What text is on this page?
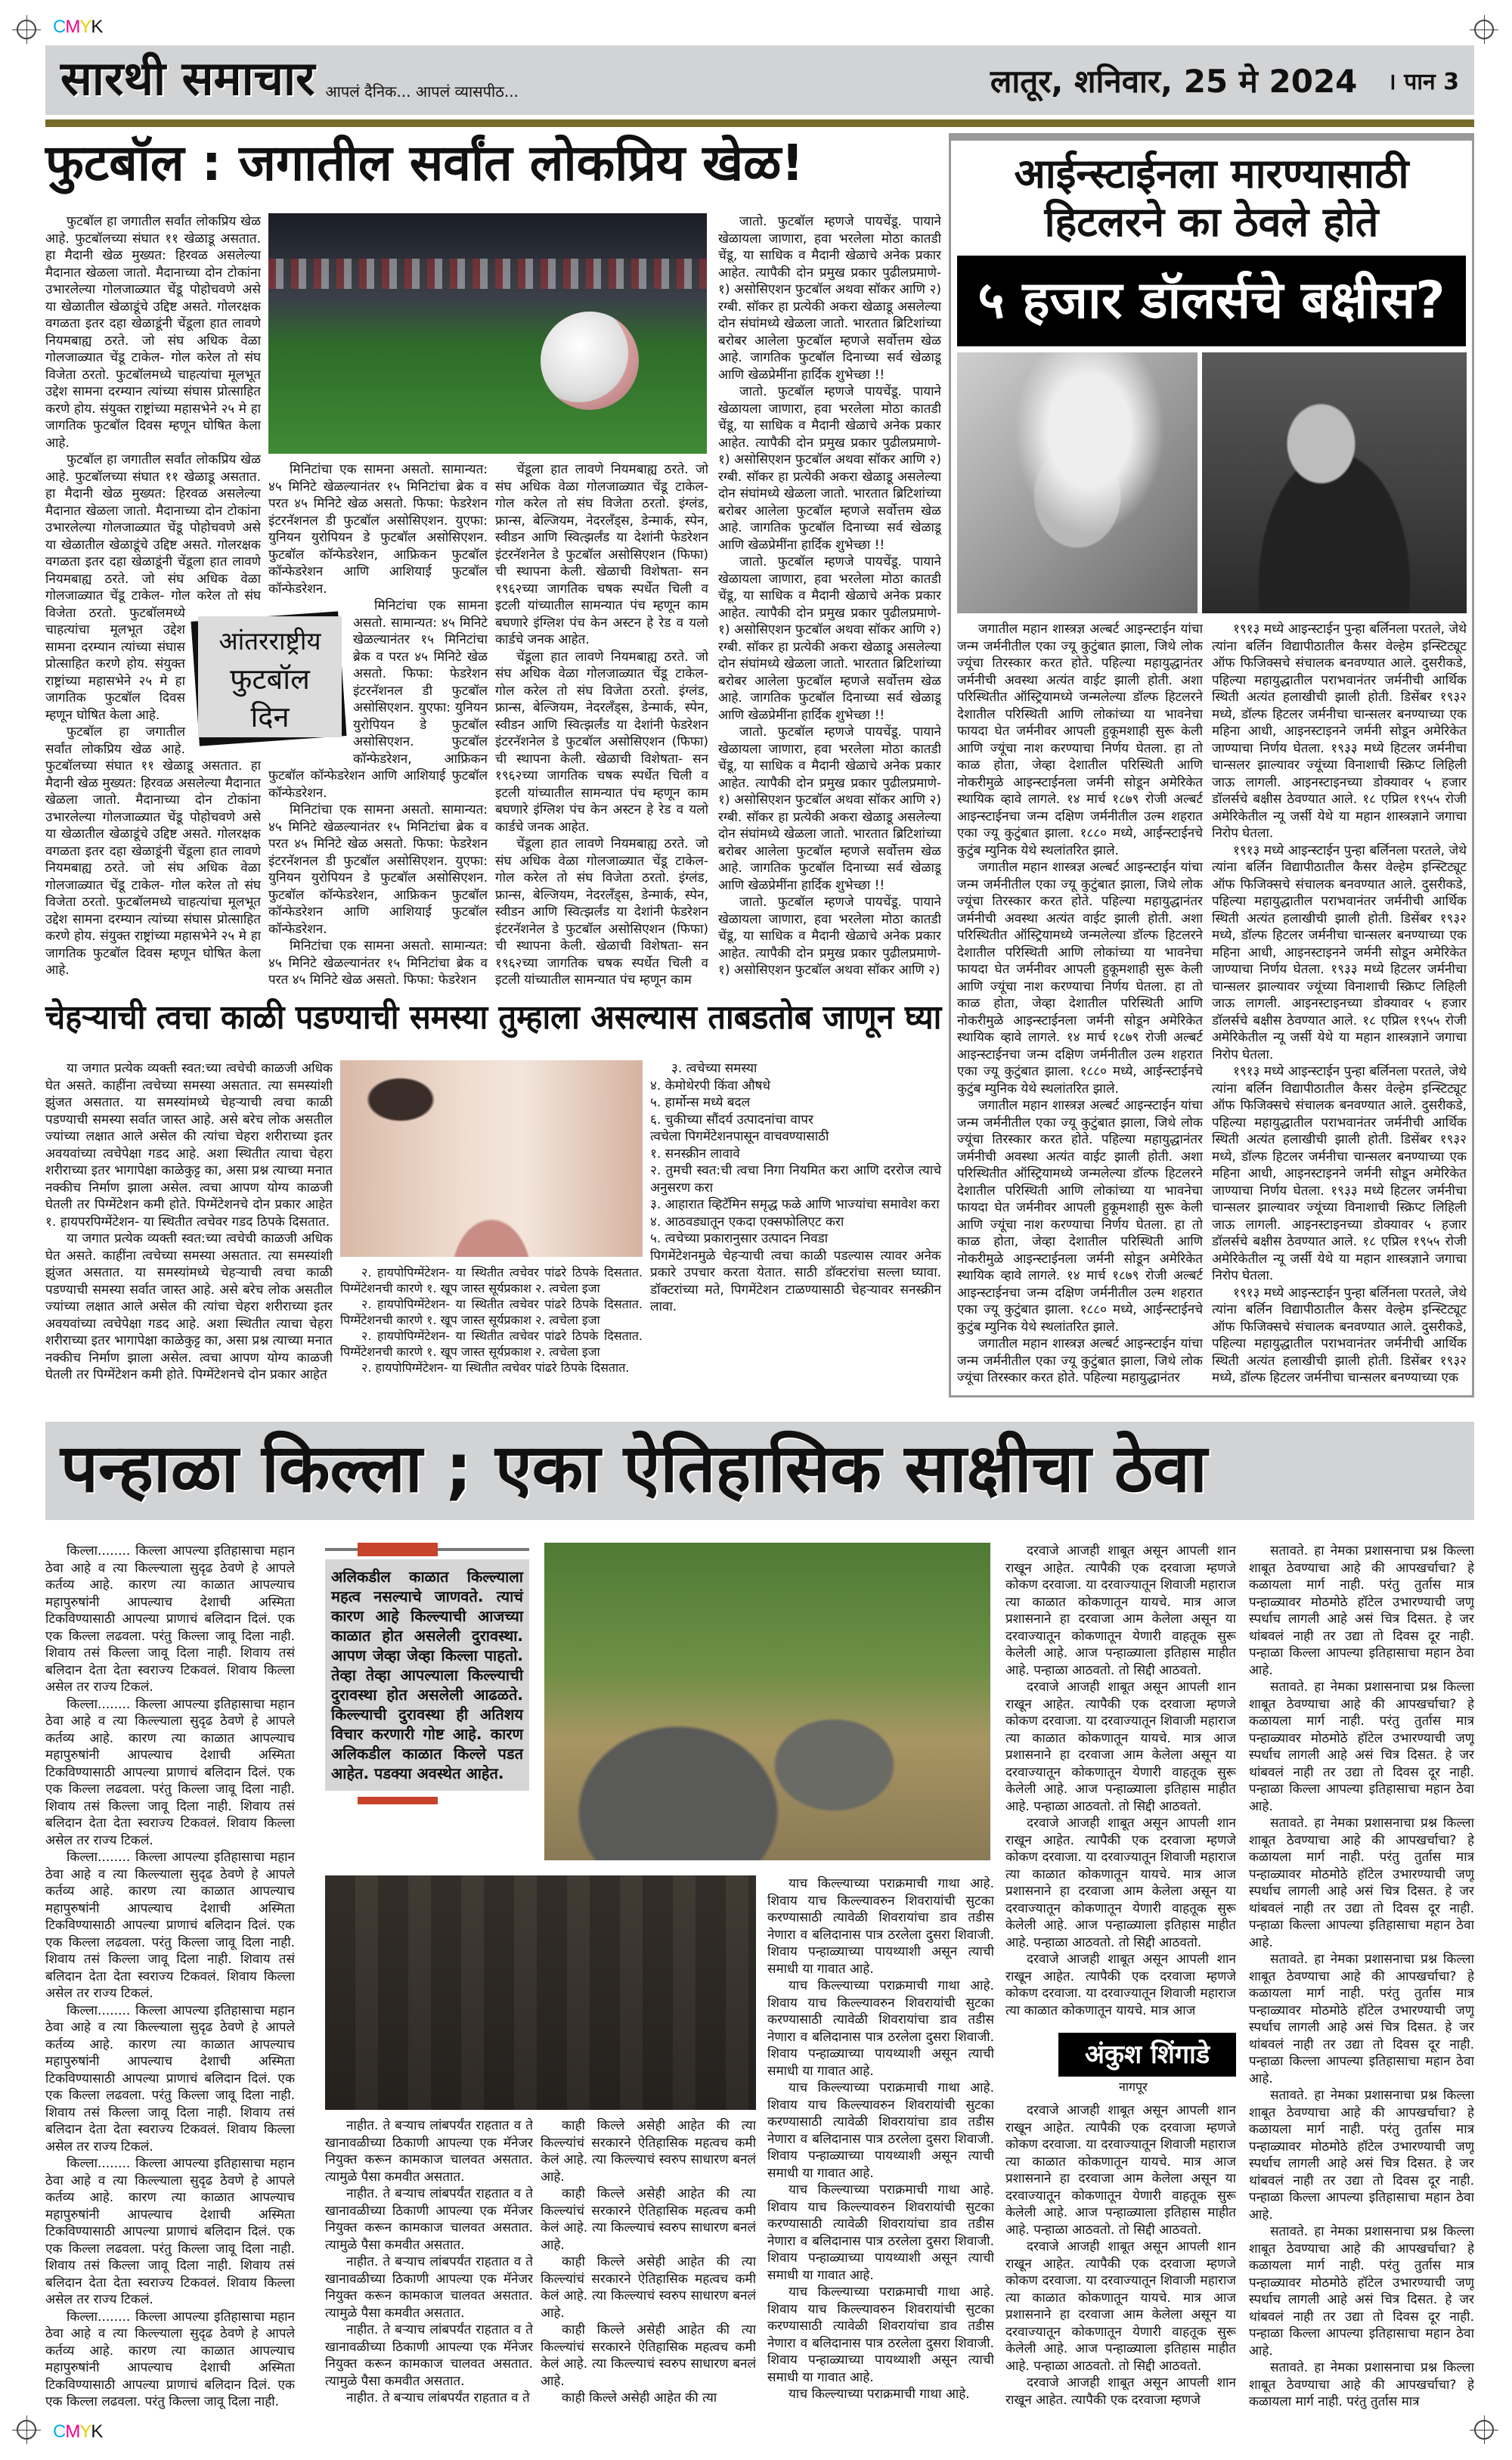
CMYK
सारथी समाचार आपलं दैनिक... आपलं व्यासपीठ...	लातूर, शनिवार, 25 मे 2024 । पान 3
फुटबॉल : जगातील सर्वांत लोकप्रिय खेळ!

फुटबॉल हा जगातील सर्वांत लोकप्रिय खेळ आहे. फुटबॉलच्या संघात ११ खेळाडू असतात. हा मैदानी खेळ मुख्यत: हिरवळ असलेल्या मैदानात खेळला जातो. मैदानाच्या दोन टोकांना उभारलेल्या गोलजाळ्यात चेंडू पोहोचवणे असे या खेळातील खेळाडूंचे उद्दिष्ट असते. गोलरक्षक वगळता इतर दहा खेळाडूंनी चेंडूला हात लावणे नियमबाह्य ठरते. जो संघ अधिक वेळा गोलजाळ्यात चेंडू टाकेल- गोल करेल तो संघ विजेता ठरतो. फुटबॉलमध्ये चाहत्यांचा मूलभूत उद्देश सामना दरम्यान त्यांच्या संघास प्रोत्साहित करणे होय. संयुक्त राष्ट्रांच्या महासभेने २५ मे हा जागतिक फुटबॉल दिवस म्हणून घोषित केला आहे.

फुटबॉल हा जगातील सर्वांत लोकप्रिय खेळ आहे. फुटबॉलच्या संघात ११ खेळाडू असतात. हा मैदानी खेळ मुख्यत: हिरवळ असलेल्या मैदानात खेळला जातो. मैदानाच्या दोन टोकांना उभारलेल्या गोलजाळ्यात चेंडू पोहोचवणे असे या खेळातील खेळाडूंचे उद्दिष्ट असते. गोलरक्षक वगळता इतर दहा खेळाडूंनी चेंडूला हात लावणे नियमबाह्य ठरते. जो संघ अधिक वेळा गोलजाळ्यात चेंडू टाकेल- गोल करेल तो संघ विजेता ठरतो. फुटबॉलमध्ये चाहत्यांचा मूलभूत उद्देश सामना दरम्यान त्यांच्या संघास प्रोत्साहित करणे होय. संयुक्त राष्ट्रांच्या महासभेने २५ मे हा जागतिक फुटबॉल दिवस म्हणून घोषित केला आहे.

फुटबॉल हा जगातील सर्वांत लोकप्रिय खेळ आहे. फुटबॉलच्या संघात ११ खेळाडू असतात. हा मैदानी खेळ मुख्यत: हिरवळ असलेल्या मैदानात खेळला जातो. मैदानाच्या दोन टोकांना उभारलेल्या गोलजाळ्यात चेंडू पोहोचवणे असे या खेळातील खेळाडूंचे उद्दिष्ट असते. गोलरक्षक वगळता इतर दहा खेळाडूंनी चेंडूला हात लावणे नियमबाह्य ठरते. जो संघ अधिक वेळा गोलजाळ्यात चेंडू टाकेल- गोल करेल तो संघ विजेता ठरतो. फुटबॉलमध्ये चाहत्यांचा मूलभूत उद्देश सामना दरम्यान त्यांच्या संघास प्रोत्साहित करणे होय. संयुक्त राष्ट्रांच्या महासभेने २५ मे हा जागतिक फुटबॉल दिवस म्हणून घोषित केला आहे.

मिनिटांचा एक सामना असतो. सामान्यत: ४५ मिनिटे खेळल्यानंतर १५ मिनिटांचा ब्रेक व परत ४५ मिनिटे खेळ असतो. फिफा: फेडरेशन इंटरनॅशनल डी फुटबॉल असोसिएशन. युएफा: युनियन युरोपियन डे फुटबॉल असोसिएशन. फुटबॉल कॉन्फेडरेशन, आफ्रिकन फुटबॉल कॉन्फेडरेशन आणि आशियाई फुटबॉल कॉन्फेडरेशन.

मिनिटांचा एक सामना असतो. सामान्यत: ४५ मिनिटे खेळल्यानंतर १५ मिनिटांचा ब्रेक व परत ४५ मिनिटे खेळ असतो. फिफा: फेडरेशन इंटरनॅशनल डी फुटबॉल असोसिएशन. युएफा: युनियन युरोपियन डे फुटबॉल असोसिएशन. फुटबॉल कॉन्फेडरेशन, आफ्रिकन फुटबॉल कॉन्फेडरेशन आणि आशियाई फुटबॉल कॉन्फेडरेशन.

मिनिटांचा एक सामना असतो. सामान्यत: ४५ मिनिटे खेळल्यानंतर १५ मिनिटांचा ब्रेक व परत ४५ मिनिटे खेळ असतो. फिफा: फेडरेशन इंटरनॅशनल डी फुटबॉल असोसिएशन. युएफा: युनियन युरोपियन डे फुटबॉल असोसिएशन. फुटबॉल कॉन्फेडरेशन, आफ्रिकन फुटबॉल कॉन्फेडरेशन आणि आशियाई फुटबॉल कॉन्फेडरेशन.

मिनिटांचा एक सामना असतो. सामान्यत: ४५ मिनिटे खेळल्यानंतर १५ मिनिटांचा ब्रेक व परत ४५ मिनिटे खेळ असतो. फिफा: फेडरेशन

चेंडूला हात लावणे नियमबाह्य ठरते. जो संघ अधिक वेळा गोलजाळ्यात चेंडू टाकेल- गोल करेल तो संघ विजेता ठरतो. इंग्लंड, फ्रान्स, बेल्जियम, नेदरलँड्स, डेन्मार्क, स्पेन, स्वीडन आणि स्वित्झर्लंड या देशांनी फेडरेशन इंटरनॅशनेल डे फुटबॉल असोसिएशन (फिफा) ची स्थापना केली. खेळाची विशेषता- सन १९६२च्या जागतिक चषक स्पर्धेत चिली व इटली यांच्यातील सामन्यात पंच म्हणून काम बघणारे इंग्लिश पंच केन अस्टन हे रेड व यलो कार्डचे जनक आहेत.

चेंडूला हात लावणे नियमबाह्य ठरते. जो संघ अधिक वेळा गोलजाळ्यात चेंडू टाकेल- गोल करेल तो संघ विजेता ठरतो. इंग्लंड, फ्रान्स, बेल्जियम, नेदरलँड्स, डेन्मार्क, स्पेन, स्वीडन आणि स्वित्झर्लंड या देशांनी फेडरेशन इंटरनॅशनेल डे फुटबॉल असोसिएशन (फिफा) ची स्थापना केली. खेळाची विशेषता- सन १९६२च्या जागतिक चषक स्पर्धेत चिली व इटली यांच्यातील सामन्यात पंच म्हणून काम बघणारे इंग्लिश पंच केन अस्टन हे रेड व यलो कार्डचे जनक आहेत.

चेंडूला हात लावणे नियमबाह्य ठरते. जो संघ अधिक वेळा गोलजाळ्यात चेंडू टाकेल- गोल करेल तो संघ विजेता ठरतो. इंग्लंड, फ्रान्स, बेल्जियम, नेदरलँड्स, डेन्मार्क, स्पेन, स्वीडन आणि स्वित्झर्लंड या देशांनी फेडरेशन इंटरनॅशनेल डे फुटबॉल असोसिएशन (फिफा) ची स्थापना केली. खेळाची विशेषता- सन १९६२च्या जागतिक चषक स्पर्धेत चिली व इटली यांच्यातील सामन्यात पंच म्हणून काम

जातो. फुटबॉल म्हणजे पायचेंडू. पायाने खेळायला जाणारा, हवा भरलेला मोठा कातडी चेंडू, या साधिक व मैदानी खेळाचे अनेक प्रकार आहेत. त्यापैकी दोन प्रमुख प्रकार पुढीलप्रमाणे- १) असोसिएशन फुटबॉल अथवा सॉकर आणि २) रग्बी. सॉकर हा प्रत्येकी अकरा खेळाडू असलेल्या दोन संघांमध्ये खेळला जातो. भारतात ब्रिटिशांच्या बरोबर आलेला फुटबॉल म्हणजे सर्वोत्तम खेळ आहे. जागतिक फुटबॉल दिनाच्या सर्व खेळाडू आणि खेळप्रेमींना हार्दिक शुभेच्छा !!

जातो. फुटबॉल म्हणजे पायचेंडू. पायाने खेळायला जाणारा, हवा भरलेला मोठा कातडी चेंडू, या साधिक व मैदानी खेळाचे अनेक प्रकार आहेत. त्यापैकी दोन प्रमुख प्रकार पुढीलप्रमाणे- १) असोसिएशन फुटबॉल अथवा सॉकर आणि २) रग्बी. सॉकर हा प्रत्येकी अकरा खेळाडू असलेल्या दोन संघांमध्ये खेळला जातो. भारतात ब्रिटिशांच्या बरोबर आलेला फुटबॉल म्हणजे सर्वोत्तम खेळ आहे. जागतिक फुटबॉल दिनाच्या सर्व खेळाडू आणि खेळप्रेमींना हार्दिक शुभेच्छा !!

जातो. फुटबॉल म्हणजे पायचेंडू. पायाने खेळायला जाणारा, हवा भरलेला मोठा कातडी चेंडू, या साधिक व मैदानी खेळाचे अनेक प्रकार आहेत. त्यापैकी दोन प्रमुख प्रकार पुढीलप्रमाणे- १) असोसिएशन फुटबॉल अथवा सॉकर आणि २) रग्बी. सॉकर हा प्रत्येकी अकरा खेळाडू असलेल्या दोन संघांमध्ये खेळला जातो. भारतात ब्रिटिशांच्या बरोबर आलेला फुटबॉल म्हणजे सर्वोत्तम खेळ आहे. जागतिक फुटबॉल दिनाच्या सर्व खेळाडू आणि खेळप्रेमींना हार्दिक शुभेच्छा !!

जातो. फुटबॉल म्हणजे पायचेंडू. पायाने खेळायला जाणारा, हवा भरलेला मोठा कातडी चेंडू, या साधिक व मैदानी खेळाचे अनेक प्रकार आहेत. त्यापैकी दोन प्रमुख प्रकार पुढीलप्रमाणे- १) असोसिएशन फुटबॉल अथवा सॉकर आणि २) रग्बी. सॉकर हा प्रत्येकी अकरा खेळाडू असलेल्या दोन संघांमध्ये खेळला जातो. भारतात ब्रिटिशांच्या बरोबर आलेला फुटबॉल म्हणजे सर्वोत्तम खेळ आहे. जागतिक फुटबॉल दिनाच्या सर्व खेळाडू आणि खेळप्रेमींना हार्दिक शुभेच्छा !!

जातो. फुटबॉल म्हणजे पायचेंडू. पायाने खेळायला जाणारा, हवा भरलेला मोठा कातडी चेंडू, या साधिक व मैदानी खेळाचे अनेक प्रकार आहेत. त्यापैकी दोन प्रमुख प्रकार पुढीलप्रमाणे- १) असोसिएशन फुटबॉल अथवा सॉकर आणि २)

आंतरराष्ट्रीय
फुटबॉल
दिन
चेहऱ्याची त्वचा काळी पडण्याची समस्या तुम्हाला असल्यास ताबडतोब जाणून घ्या

या जगात प्रत्येक व्यक्ती स्वत:च्या त्वचेची काळजी अधिक घेत असते. काहींना त्वचेच्या समस्या असतात. त्या समस्यांशी झुंजत असतात. या समस्यांमध्ये चेहऱ्याची त्वचा काळी पडण्याची समस्या सर्वात जास्त आहे. असे बरेच लोक असतील ज्यांच्या लक्षात आले असेल की त्यांचा चेहरा शरीराच्या इतर अवयवांच्या त्वचेपेक्षा गडद आहे. अशा स्थितीत त्याचा चेहरा शरीराच्या इतर भागापेक्षा काळेकुट्ट का, असा प्रश्न त्याच्या मनात नक्कीच निर्माण झाला असेल. त्वचा आपण योग्य काळजी घेतली तर पिग्मेंटेशन कमी होते. पिग्मेंटेशनचे दोन प्रकार आहेत १. हायपरपिग्मेंटेशन- या स्थितीत त्वचेवर गडद ठिपके दिसतात.

या जगात प्रत्येक व्यक्ती स्वत:च्या त्वचेची काळजी अधिक घेत असते. काहींना त्वचेच्या समस्या असतात. त्या समस्यांशी झुंजत असतात. या समस्यांमध्ये चेहऱ्याची त्वचा काळी पडण्याची समस्या सर्वात जास्त आहे. असे बरेच लोक असतील ज्यांच्या लक्षात आले असेल की त्यांचा चेहरा शरीराच्या इतर अवयवांच्या त्वचेपेक्षा गडद आहे. अशा स्थितीत त्याचा चेहरा शरीराच्या इतर भागापेक्षा काळेकुट्ट का, असा प्रश्न त्याच्या मनात नक्कीच निर्माण झाला असेल. त्वचा आपण योग्य काळजी घेतली तर पिग्मेंटेशन कमी होते. पिग्मेंटेशनचे दोन प्रकार आहेत

२. हायपोपिग्मेंटेशन- या स्थितीत त्वचेवर पांढरे ठिपके दिसतात. पिग्मेंटेशनची कारणे १. खूप जास्त सूर्यप्रकाश २. त्वचेला इजा

२. हायपोपिग्मेंटेशन- या स्थितीत त्वचेवर पांढरे ठिपके दिसतात. पिग्मेंटेशनची कारणे १. खूप जास्त सूर्यप्रकाश २. त्वचेला इजा

२. हायपोपिग्मेंटेशन- या स्थितीत त्वचेवर पांढरे ठिपके दिसतात. पिग्मेंटेशनची कारणे १. खूप जास्त सूर्यप्रकाश २. त्वचेला इजा

२. हायपोपिग्मेंटेशन- या स्थितीत त्वचेवर पांढरे ठिपके दिसतात.

३. त्वचेच्या समस्या
४. केमोथेरपी किंवा औषधे
५. हार्मोन्स मध्ये बदल
६. चुकीच्या सौंदर्य उत्पादनांचा वापर
त्वचेला पिगमेंटेशनपासून वाचवण्यासाठी
१. सनस्क्रीन लावावे
२. तुमची स्वत:ची त्वचा निगा नियमित करा आणि दररोज त्याचे अनुसरण करा
३. आहारात व्हिटॅमिन समृद्ध फळे आणि भाज्यांचा समावेश करा
४. आठवड्यातून एकदा एक्सफोलिएट करा
५. त्वचेच्या प्रकारानुसार उत्पादन निवडा
पिगमेंटेशनमुळे चेहऱ्याची त्वचा काळी पडल्यास त्यावर अनेक प्रकारे उपचार करता येतात. साठी डॉक्टरांचा सल्ला घ्यावा. डॉक्टरांच्या मते, पिगमेंटेशन टाळण्यासाठी चेहऱ्यावर सनस्क्रीन लावा.

आईन्स्टाईनला मारण्यासाठी
हिटलरने का ठेवले होते
५ हजार डॉलर्सचे बक्षीस?

जगातील महान शास्त्रज्ञ अल्बर्ट आइन्स्टाईन यांचा जन्म जर्मनीतील एका ज्यू कुटुंबात झाला, जिथे लोक ज्यूंचा तिरस्कार करत होते. पहिल्या महायुद्धानंतर जर्मनीची अवस्था अत्यंत वाईट झाली होती. अशा परिस्थितीत ऑस्ट्रियामध्ये जन्मलेल्या डॉल्फ हिटलरने देशातील परिस्थिती आणि लोकांच्या या भावनेचा फायदा घेत जर्मनीवर आपली हुकूमशाही सुरू केली आणि ज्यूंचा नाश करण्याचा निर्णय घेतला. हा तो काळ होता, जेव्हा देशातील परिस्थिती आणि नोकरीमुळे आइन्स्टाईनला जर्मनी सोडून अमेरिकेत स्थायिक व्हावे लागले. १४ मार्च १८७९ रोजी अल्बर्ट आइन्स्टाईनचा जन्म दक्षिण जर्मनीतील उल्म शहरात एका ज्यू कुटुंबात झाला. १८८० मध्ये, आईन्स्टाईनचे कुटुंब म्युनिक येथे स्थलांतरित झाले.

जगातील महान शास्त्रज्ञ अल्बर्ट आइन्स्टाईन यांचा जन्म जर्मनीतील एका ज्यू कुटुंबात झाला, जिथे लोक ज्यूंचा तिरस्कार करत होते. पहिल्या महायुद्धानंतर जर्मनीची अवस्था अत्यंत वाईट झाली होती. अशा परिस्थितीत ऑस्ट्रियामध्ये जन्मलेल्या डॉल्फ हिटलरने देशातील परिस्थिती आणि लोकांच्या या भावनेचा फायदा घेत जर्मनीवर आपली हुकूमशाही सुरू केली आणि ज्यूंचा नाश करण्याचा निर्णय घेतला. हा तो काळ होता, जेव्हा देशातील परिस्थिती आणि नोकरीमुळे आइन्स्टाईनला जर्मनी सोडून अमेरिकेत स्थायिक व्हावे लागले. १४ मार्च १८७९ रोजी अल्बर्ट आइन्स्टाईनचा जन्म दक्षिण जर्मनीतील उल्म शहरात एका ज्यू कुटुंबात झाला. १८८० मध्ये, आईन्स्टाईनचे कुटुंब म्युनिक येथे स्थलांतरित झाले.

जगातील महान शास्त्रज्ञ अल्बर्ट आइन्स्टाईन यांचा जन्म जर्मनीतील एका ज्यू कुटुंबात झाला, जिथे लोक ज्यूंचा तिरस्कार करत होते. पहिल्या महायुद्धानंतर जर्मनीची अवस्था अत्यंत वाईट झाली होती. अशा परिस्थितीत ऑस्ट्रियामध्ये जन्मलेल्या डॉल्फ हिटलरने देशातील परिस्थिती आणि लोकांच्या या भावनेचा फायदा घेत जर्मनीवर आपली हुकूमशाही सुरू केली आणि ज्यूंचा नाश करण्याचा निर्णय घेतला. हा तो काळ होता, जेव्हा देशातील परिस्थिती आणि नोकरीमुळे आइन्स्टाईनला जर्मनी सोडून अमेरिकेत स्थायिक व्हावे लागले. १४ मार्च १८७९ रोजी अल्बर्ट आइन्स्टाईनचा जन्म दक्षिण जर्मनीतील उल्म शहरात एका ज्यू कुटुंबात झाला. १८८० मध्ये, आईन्स्टाईनचे कुटुंब म्युनिक येथे स्थलांतरित झाले.

जगातील महान शास्त्रज्ञ अल्बर्ट आइन्स्टाईन यांचा जन्म जर्मनीतील एका ज्यू कुटुंबात झाला, जिथे लोक ज्यूंचा तिरस्कार करत होते. पहिल्या महायुद्धानंतर

१९१३ मध्ये आइन्स्टाईन पुन्हा बर्लिनला परतले, जेथे त्यांना बर्लिन विद्यापीठातील कैसर वेल्हेम इन्स्टिट्यूट ऑफ फिजिक्सचे संचालक बनवण्यात आले. दुसरीकडे, पहिल्या महायुद्धातील पराभवानंतर जर्मनीची आर्थिक स्थिती अत्यंत हलाखीची झाली होती. डिसेंबर १९३२ मध्ये, डॉल्फ हिटलर जर्मनीचा चान्सलर बनण्याच्या एक महिना आधी, आइनस्टाइनने जर्मनी सोडून अमेरिकेत जाण्याचा निर्णय घेतला. १९३३ मध्ये हिटलर जर्मनीचा चान्सलर झाल्यावर ज्यूंच्या विनाशाची स्क्रिप्ट लिहिली जाऊ लागली. आइनस्टाइनच्या डोक्यावर ५ हजार डॉलर्सचे बक्षीस ठेवण्यात आले. १८ एप्रिल १९५५ रोजी अमेरिकेतील न्यू जर्सी येथे या महान शास्त्रज्ञाने जगाचा निरोप घेतला.

१९१३ मध्ये आइन्स्टाईन पुन्हा बर्लिनला परतले, जेथे त्यांना बर्लिन विद्यापीठातील कैसर वेल्हेम इन्स्टिट्यूट ऑफ फिजिक्सचे संचालक बनवण्यात आले. दुसरीकडे, पहिल्या महायुद्धातील पराभवानंतर जर्मनीची आर्थिक स्थिती अत्यंत हलाखीची झाली होती. डिसेंबर १९३२ मध्ये, डॉल्फ हिटलर जर्मनीचा चान्सलर बनण्याच्या एक महिना आधी, आइनस्टाइनने जर्मनी सोडून अमेरिकेत जाण्याचा निर्णय घेतला. १९३३ मध्ये हिटलर जर्मनीचा चान्सलर झाल्यावर ज्यूंच्या विनाशाची स्क्रिप्ट लिहिली जाऊ लागली. आइनस्टाइनच्या डोक्यावर ५ हजार डॉलर्सचे बक्षीस ठेवण्यात आले. १८ एप्रिल १९५५ रोजी अमेरिकेतील न्यू जर्सी येथे या महान शास्त्रज्ञाने जगाचा निरोप घेतला.

१९१३ मध्ये आइन्स्टाईन पुन्हा बर्लिनला परतले, जेथे त्यांना बर्लिन विद्यापीठातील कैसर वेल्हेम इन्स्टिट्यूट ऑफ फिजिक्सचे संचालक बनवण्यात आले. दुसरीकडे, पहिल्या महायुद्धातील पराभवानंतर जर्मनीची आर्थिक स्थिती अत्यंत हलाखीची झाली होती. डिसेंबर १९३२ मध्ये, डॉल्फ हिटलर जर्मनीचा चान्सलर बनण्याच्या एक महिना आधी, आइनस्टाइनने जर्मनी सोडून अमेरिकेत जाण्याचा निर्णय घेतला. १९३३ मध्ये हिटलर जर्मनीचा चान्सलर झाल्यावर ज्यूंच्या विनाशाची स्क्रिप्ट लिहिली जाऊ लागली. आइनस्टाइनच्या डोक्यावर ५ हजार डॉलर्सचे बक्षीस ठेवण्यात आले. १८ एप्रिल १९५५ रोजी अमेरिकेतील न्यू जर्सी येथे या महान शास्त्रज्ञाने जगाचा निरोप घेतला.

१९१३ मध्ये आइन्स्टाईन पुन्हा बर्लिनला परतले, जेथे त्यांना बर्लिन विद्यापीठातील कैसर वेल्हेम इन्स्टिट्यूट ऑफ फिजिक्सचे संचालक बनवण्यात आले. दुसरीकडे, पहिल्या महायुद्धातील पराभवानंतर जर्मनीची आर्थिक स्थिती अत्यंत हलाखीची झाली होती. डिसेंबर १९३२ मध्ये, डॉल्फ हिटलर जर्मनीचा चान्सलर बनण्याच्या एक

पन्हाळा किल्ला ; एका ऐतिहासिक साक्षीचा ठेवा

किल्ला........ किल्ला आपल्या इतिहासाचा महान ठेवा आहे व त्या किल्ल्याला सुदृढ ठेवणे हे आपले कर्तव्य आहे. कारण त्या काळात आपल्याच महापुरुषांनी आपल्याच देशाची अस्मिता टिकविण्यासाठी आपल्या प्राणाचं बलिदान दिलं. एक एक किल्ला लढवला. परंतु किल्ला जावू दिला नाही. शिवाय तसं किल्ला जावू दिला नाही. शिवाय तसं बलिदान देता देता स्वराज्य टिकवलं. शिवाय किल्ला असेल तर राज्य टिकलं.

किल्ला........ किल्ला आपल्या इतिहासाचा महान ठेवा आहे व त्या किल्ल्याला सुदृढ ठेवणे हे आपले कर्तव्य आहे. कारण त्या काळात आपल्याच महापुरुषांनी आपल्याच देशाची अस्मिता टिकविण्यासाठी आपल्या प्राणाचं बलिदान दिलं. एक एक किल्ला लढवला. परंतु किल्ला जावू दिला नाही. शिवाय तसं किल्ला जावू दिला नाही. शिवाय तसं बलिदान देता देता स्वराज्य टिकवलं. शिवाय किल्ला असेल तर राज्य टिकलं.

किल्ला........ किल्ला आपल्या इतिहासाचा महान ठेवा आहे व त्या किल्ल्याला सुदृढ ठेवणे हे आपले कर्तव्य आहे. कारण त्या काळात आपल्याच महापुरुषांनी आपल्याच देशाची अस्मिता टिकविण्यासाठी आपल्या प्राणाचं बलिदान दिलं. एक एक किल्ला लढवला. परंतु किल्ला जावू दिला नाही. शिवाय तसं किल्ला जावू दिला नाही. शिवाय तसं बलिदान देता देता स्वराज्य टिकवलं. शिवाय किल्ला असेल तर राज्य टिकलं.

किल्ला........ किल्ला आपल्या इतिहासाचा महान ठेवा आहे व त्या किल्ल्याला सुदृढ ठेवणे हे आपले कर्तव्य आहे. कारण त्या काळात आपल्याच महापुरुषांनी आपल्याच देशाची अस्मिता टिकविण्यासाठी आपल्या प्राणाचं बलिदान दिलं. एक एक किल्ला लढवला. परंतु किल्ला जावू दिला नाही. शिवाय तसं किल्ला जावू दिला नाही. शिवाय तसं बलिदान देता देता स्वराज्य टिकवलं. शिवाय किल्ला असेल तर राज्य टिकलं.

किल्ला........ किल्ला आपल्या इतिहासाचा महान ठेवा आहे व त्या किल्ल्याला सुदृढ ठेवणे हे आपले कर्तव्य आहे. कारण त्या काळात आपल्याच महापुरुषांनी आपल्याच देशाची अस्मिता टिकविण्यासाठी आपल्या प्राणाचं बलिदान दिलं. एक एक किल्ला लढवला. परंतु किल्ला जावू दिला नाही. शिवाय तसं किल्ला जावू दिला नाही. शिवाय तसं बलिदान देता देता स्वराज्य टिकवलं. शिवाय किल्ला असेल तर राज्य टिकलं.

किल्ला........ किल्ला आपल्या इतिहासाचा महान ठेवा आहे व त्या किल्ल्याला सुदृढ ठेवणे हे आपले कर्तव्य आहे. कारण त्या काळात आपल्याच महापुरुषांनी आपल्याच देशाची अस्मिता टिकविण्यासाठी आपल्या प्राणाचं बलिदान दिलं. एक एक किल्ला लढवला. परंतु किल्ला जावू दिला नाही.

अलिकडील काळात किल्ल्याला महत्व नसल्याचे जाणवते. त्याचं कारण आहे किल्ल्याची आजच्या काळात होत असलेली दुरावस्था. आपण जेव्हा जेव्हा किल्ला पाहतो. तेव्हा तेव्हा आपल्याला किल्ल्याची दुरावस्था होत असलेली आढळते. किल्ल्याची दुरावस्था ही अतिशय विचार करणारी गोष्ट आहे. कारण अलिकडील काळात किल्ले पडत आहेत. पडक्या अवस्थेत आहेत.

नाहीत. ते बऱ्याच लांबपर्यंत राहतात व ते खानावळीच्या ठिकाणी आपल्या एक मॅनेजर नियुक्त करून कामकाज चालवत असतात. त्यामुळे पैसा कमवीत असतात.

नाहीत. ते बऱ्याच लांबपर्यंत राहतात व ते खानावळीच्या ठिकाणी आपल्या एक मॅनेजर नियुक्त करून कामकाज चालवत असतात. त्यामुळे पैसा कमवीत असतात.

नाहीत. ते बऱ्याच लांबपर्यंत राहतात व ते खानावळीच्या ठिकाणी आपल्या एक मॅनेजर नियुक्त करून कामकाज चालवत असतात. त्यामुळे पैसा कमवीत असतात.

नाहीत. ते बऱ्याच लांबपर्यंत राहतात व ते खानावळीच्या ठिकाणी आपल्या एक मॅनेजर नियुक्त करून कामकाज चालवत असतात. त्यामुळे पैसा कमवीत असतात.

नाहीत. ते बऱ्याच लांबपर्यंत राहतात व ते

काही किल्ले असेही आहेत की त्या किल्ल्यांचं सरकारने ऐतिहासिक महत्वच कमी केलं आहे. त्या किल्ल्याचं स्वरुप साधारण बनलं आहे.

काही किल्ले असेही आहेत की त्या किल्ल्यांचं सरकारने ऐतिहासिक महत्वच कमी केलं आहे. त्या किल्ल्याचं स्वरुप साधारण बनलं आहे.

काही किल्ले असेही आहेत की त्या किल्ल्यांचं सरकारने ऐतिहासिक महत्वच कमी केलं आहे. त्या किल्ल्याचं स्वरुप साधारण बनलं आहे.

काही किल्ले असेही आहेत की त्या किल्ल्यांचं सरकारने ऐतिहासिक महत्वच कमी केलं आहे. त्या किल्ल्याचं स्वरुप साधारण बनलं आहे.

काही किल्ले असेही आहेत की त्या

याच किल्ल्याच्या पराक्रमाची गाथा आहे. शिवाय याच किल्ल्यावरुन शिवरायांची सुटका करण्यासाठी त्यावेळी शिवरायांचा डाव तडीस नेणारा व बलिदानास पात्र ठरलेला दुसरा शिवाजी. शिवाय पन्हाळ्याच्या पायथ्याशी असून त्याची समाधी या गावात आहे.

याच किल्ल्याच्या पराक्रमाची गाथा आहे. शिवाय याच किल्ल्यावरुन शिवरायांची सुटका करण्यासाठी त्यावेळी शिवरायांचा डाव तडीस नेणारा व बलिदानास पात्र ठरलेला दुसरा शिवाजी. शिवाय पन्हाळ्याच्या पायथ्याशी असून त्याची समाधी या गावात आहे.

याच किल्ल्याच्या पराक्रमाची गाथा आहे. शिवाय याच किल्ल्यावरुन शिवरायांची सुटका करण्यासाठी त्यावेळी शिवरायांचा डाव तडीस नेणारा व बलिदानास पात्र ठरलेला दुसरा शिवाजी. शिवाय पन्हाळ्याच्या पायथ्याशी असून त्याची समाधी या गावात आहे.

याच किल्ल्याच्या पराक्रमाची गाथा आहे. शिवाय याच किल्ल्यावरुन शिवरायांची सुटका करण्यासाठी त्यावेळी शिवरायांचा डाव तडीस नेणारा व बलिदानास पात्र ठरलेला दुसरा शिवाजी. शिवाय पन्हाळ्याच्या पायथ्याशी असून त्याची समाधी या गावात आहे.

याच किल्ल्याच्या पराक्रमाची गाथा आहे. शिवाय याच किल्ल्यावरुन शिवरायांची सुटका करण्यासाठी त्यावेळी शिवरायांचा डाव तडीस नेणारा व बलिदानास पात्र ठरलेला दुसरा शिवाजी. शिवाय पन्हाळ्याच्या पायथ्याशी असून त्याची समाधी या गावात आहे.

याच किल्ल्याच्या पराक्रमाची गाथा आहे.

दरवाजे आजही शाबूत असून आपली शान राखून आहेत. त्यापैकी एक दरवाजा म्हणजे कोकण दरवाजा. या दरवाज्यातून शिवाजी महाराज त्या काळात कोकणातून यायचे. मात्र आज प्रशासनाने हा दरवाजा आम केलेला असून या दरवाज्यातून कोकणातून येणारी वाहतूक सुरू केलेली आहे. आज पन्हाळ्याला इतिहास माहीत आहे. पन्हाळा आठवतो. तो सिद्दी आठवतो.

दरवाजे आजही शाबूत असून आपली शान राखून आहेत. त्यापैकी एक दरवाजा म्हणजे कोकण दरवाजा. या दरवाज्यातून शिवाजी महाराज त्या काळात कोकणातून यायचे. मात्र आज प्रशासनाने हा दरवाजा आम केलेला असून या दरवाज्यातून कोकणातून येणारी वाहतूक सुरू केलेली आहे. आज पन्हाळ्याला इतिहास माहीत आहे. पन्हाळा आठवतो. तो सिद्दी आठवतो.

दरवाजे आजही शाबूत असून आपली शान राखून आहेत. त्यापैकी एक दरवाजा म्हणजे कोकण दरवाजा. या दरवाज्यातून शिवाजी महाराज त्या काळात कोकणातून यायचे. मात्र आज प्रशासनाने हा दरवाजा आम केलेला असून या दरवाज्यातून कोकणातून येणारी वाहतूक सुरू केलेली आहे. आज पन्हाळ्याला इतिहास माहीत आहे. पन्हाळा आठवतो. तो सिद्दी आठवतो.

दरवाजे आजही शाबूत असून आपली शान राखून आहेत. त्यापैकी एक दरवाजा म्हणजे कोकण दरवाजा. या दरवाज्यातून शिवाजी महाराज त्या काळात कोकणातून यायचे. मात्र आज

अंकुश शिंगाडे
नागपूर

दरवाजे आजही शाबूत असून आपली शान राखून आहेत. त्यापैकी एक दरवाजा म्हणजे कोकण दरवाजा. या दरवाज्यातून शिवाजी महाराज त्या काळात कोकणातून यायचे. मात्र आज प्रशासनाने हा दरवाजा आम केलेला असून या दरवाज्यातून कोकणातून येणारी वाहतूक सुरू केलेली आहे. आज पन्हाळ्याला इतिहास माहीत आहे. पन्हाळा आठवतो. तो सिद्दी आठवतो.

दरवाजे आजही शाबूत असून आपली शान राखून आहेत. त्यापैकी एक दरवाजा म्हणजे कोकण दरवाजा. या दरवाज्यातून शिवाजी महाराज त्या काळात कोकणातून यायचे. मात्र आज प्रशासनाने हा दरवाजा आम केलेला असून या दरवाज्यातून कोकणातून येणारी वाहतूक सुरू केलेली आहे. आज पन्हाळ्याला इतिहास माहीत आहे. पन्हाळा आठवतो. तो सिद्दी आठवतो.

दरवाजे आजही शाबूत असून आपली शान राखून आहेत. त्यापैकी एक दरवाजा म्हणजे

सतावते. हा नेमका प्रशासनाचा प्रश्न किल्ला शाबूत ठेवण्याचा आहे की आपखर्चाचा? हे कळायला मार्ग नाही. परंतु तुर्तास मात्र पन्हाळ्यावर मोठमोठे हॉटेल उभारण्याची जणू स्पर्धाच लागली आहे असं चित्र दिसत. हे जर थांबवलं नाही तर उद्या तो दिवस दूर नाही. पन्हाळा किल्ला आपल्या इतिहासाचा महान ठेवा आहे.

सतावते. हा नेमका प्रशासनाचा प्रश्न किल्ला शाबूत ठेवण्याचा आहे की आपखर्चाचा? हे कळायला मार्ग नाही. परंतु तुर्तास मात्र पन्हाळ्यावर मोठमोठे हॉटेल उभारण्याची जणू स्पर्धाच लागली आहे असं चित्र दिसत. हे जर थांबवलं नाही तर उद्या तो दिवस दूर नाही. पन्हाळा किल्ला आपल्या इतिहासाचा महान ठेवा आहे.

सतावते. हा नेमका प्रशासनाचा प्रश्न किल्ला शाबूत ठेवण्याचा आहे की आपखर्चाचा? हे कळायला मार्ग नाही. परंतु तुर्तास मात्र पन्हाळ्यावर मोठमोठे हॉटेल उभारण्याची जणू स्पर्धाच लागली आहे असं चित्र दिसत. हे जर थांबवलं नाही तर उद्या तो दिवस दूर नाही. पन्हाळा किल्ला आपल्या इतिहासाचा महान ठेवा आहे.

सतावते. हा नेमका प्रशासनाचा प्रश्न किल्ला शाबूत ठेवण्याचा आहे की आपखर्चाचा? हे कळायला मार्ग नाही. परंतु तुर्तास मात्र पन्हाळ्यावर मोठमोठे हॉटेल उभारण्याची जणू स्पर्धाच लागली आहे असं चित्र दिसत. हे जर थांबवलं नाही तर उद्या तो दिवस दूर नाही. पन्हाळा किल्ला आपल्या इतिहासाचा महान ठेवा आहे.

सतावते. हा नेमका प्रशासनाचा प्रश्न किल्ला शाबूत ठेवण्याचा आहे की आपखर्चाचा? हे कळायला मार्ग नाही. परंतु तुर्तास मात्र पन्हाळ्यावर मोठमोठे हॉटेल उभारण्याची जणू स्पर्धाच लागली आहे असं चित्र दिसत. हे जर थांबवलं नाही तर उद्या तो दिवस दूर नाही. पन्हाळा किल्ला आपल्या इतिहासाचा महान ठेवा आहे.

सतावते. हा नेमका प्रशासनाचा प्रश्न किल्ला शाबूत ठेवण्याचा आहे की आपखर्चाचा? हे कळायला मार्ग नाही. परंतु तुर्तास मात्र पन्हाळ्यावर मोठमोठे हॉटेल उभारण्याची जणू स्पर्धाच लागली आहे असं चित्र दिसत. हे जर थांबवलं नाही तर उद्या तो दिवस दूर नाही. पन्हाळा किल्ला आपल्या इतिहासाचा महान ठेवा आहे.

सतावते. हा नेमका प्रशासनाचा प्रश्न किल्ला शाबूत ठेवण्याचा आहे की आपखर्चाचा? हे कळायला मार्ग नाही. परंतु तुर्तास मात्र

CMYK
